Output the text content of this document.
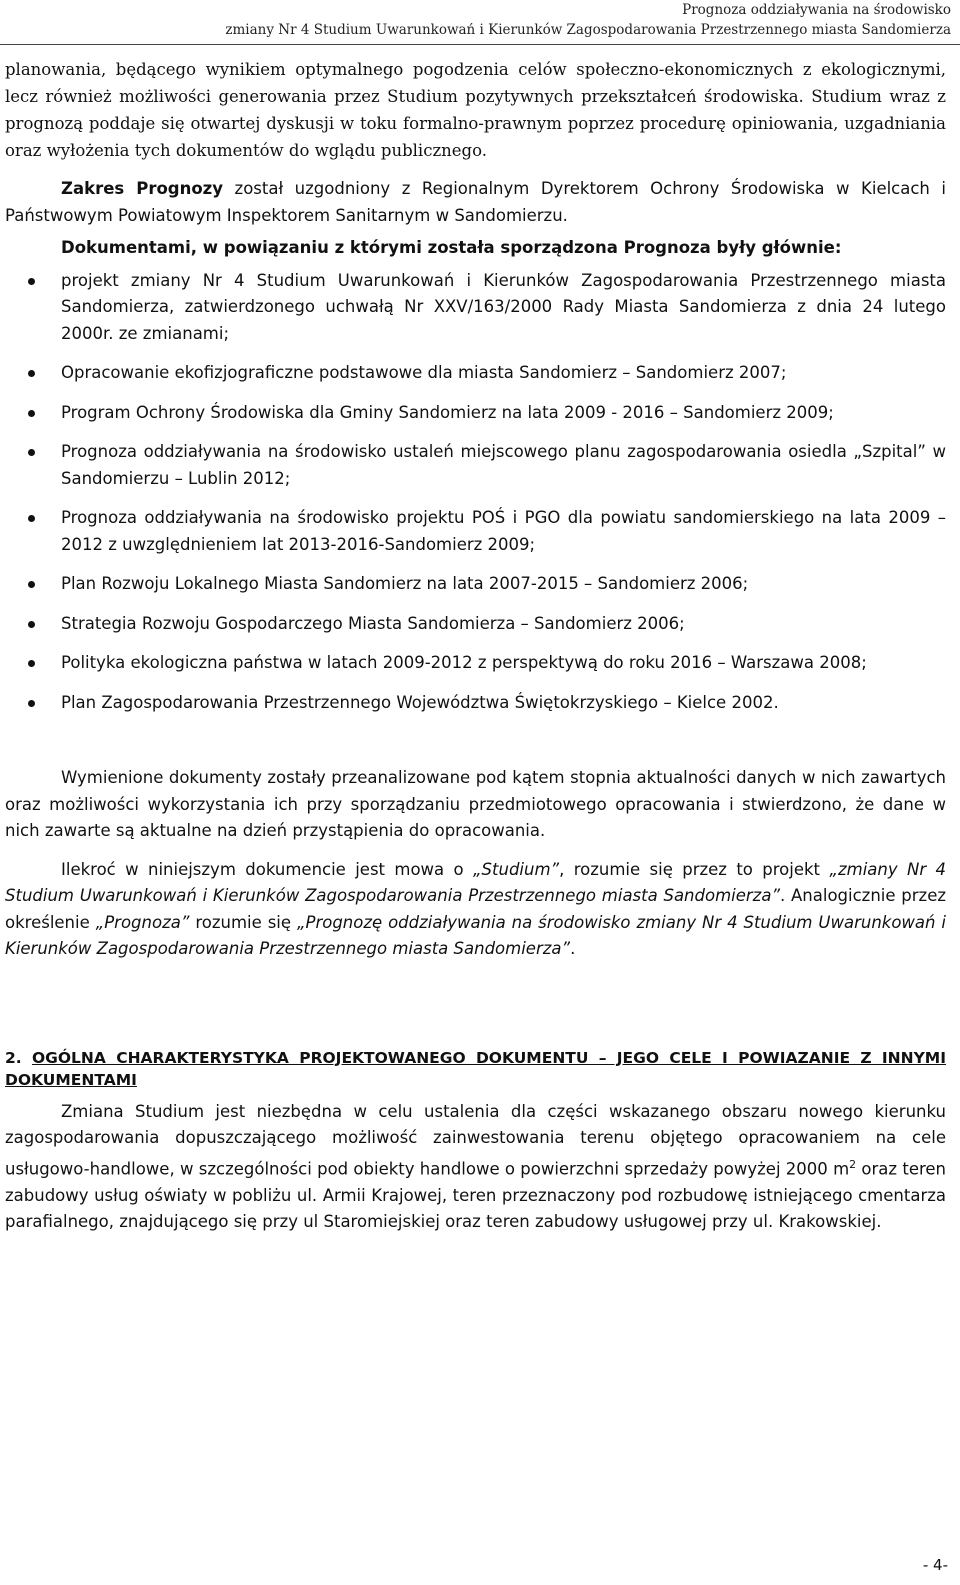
Prognoza oddziaływania na środowisko
zmiany Nr 4 Studium Uwarunkowań i Kierunków Zagospodarowania Przestrzennego miasta Sandomierza

planowania, będącego wynikiem optymalnego pogodzenia celów społeczno-ekonomicznych z ekologicznymi, lecz również możliwości generowania przez Studium pozytywnych przekształceń środowiska. Studium wraz z prognozą poddaje się otwartej dyskusji w toku formalno-prawnym poprzez procedurę opiniowania, uzgadniania oraz wyłożenia tych dokumentów do wglądu publicznego.

Zakres Prognozy został uzgodniony z Regionalnym Dyrektorem Ochrony Środowiska w Kielcach i Państwowym Powiatowym Inspektorem Sanitarnym w Sandomierzu.

Dokumentami, w powiązaniu z którymi została sporządzona Prognoza były głównie:

projekt zmiany Nr 4 Studium Uwarunkowań i Kierunków Zagospodarowania Przestrzennego miasta Sandomierza, zatwierdzonego uchwałą Nr XXV/163/2000 Rady Miasta Sandomierza z dnia 24 lutego 2000r. ze zmianami;
Opracowanie ekofizjograficzne podstawowe dla miasta Sandomierz – Sandomierz 2007;
Program Ochrony Środowiska dla Gminy Sandomierz na lata 2009 - 2016 – Sandomierz 2009;
Prognoza oddziaływania na środowisko ustaleń miejscowego planu zagospodarowania osiedla „Szpital” w Sandomierzu – Lublin 2012;
Prognoza oddziaływania na środowisko projektu POŚ i PGO dla powiatu sandomierskiego na lata 2009 – 2012 z uwzględnieniem lat 2013-2016-Sandomierz 2009;
Plan Rozwoju Lokalnego Miasta Sandomierz na lata 2007-2015 – Sandomierz 2006;
Strategia Rozwoju Gospodarczego Miasta Sandomierza – Sandomierz 2006;
Polityka ekologiczna państwa w latach 2009-2012 z perspektywą do roku 2016 – Warszawa 2008;
Plan Zagospodarowania Przestrzennego Województwa Świętokrzyskiego – Kielce 2002.

Wymienione dokumenty zostały przeanalizowane pod kątem stopnia aktualności danych w nich zawartych oraz możliwości wykorzystania ich przy sporządzaniu przedmiotowego opracowania i stwierdzono, że dane w nich zawarte są aktualne na dzień przystąpienia do opracowania.

Ilekroć w niniejszym dokumencie jest mowa o „Studium”, rozumie się przez to projekt „zmiany Nr 4 Studium Uwarunkowań i Kierunków Zagospodarowania Przestrzennego miasta Sandomierza”. Analogicznie przez określenie „Prognoza” rozumie się „Prognozę oddziaływania na środowisko zmiany Nr 4 Studium Uwarunkowań i Kierunków Zagospodarowania Przestrzennego miasta Sandomierza”.

2. OGÓLNA CHARAKTERYSTYKA PROJEKTOWANEGO DOKUMENTU – JEGO CELE I POWIAZANIE Z INNYMI DOKUMENTAMI

Zmiana Studium jest niezbędna w celu ustalenia dla części wskazanego obszaru nowego kierunku zagospodarowania dopuszczającego możliwość zainwestowania terenu objętego opracowaniem na cele usługowo-handlowe, w szczególności pod obiekty handlowe o powierzchni sprzedaży powyżej 2000 $m^2$ oraz teren zabudowy usług oświaty w pobliżu ul. Armii Krajowej, teren przeznaczony pod rozbudowę istniejącego cmentarza parafialnego, znajdującego się przy ul Staromiejskiej oraz teren zabudowy usługowej przy ul. Krakowskiej.

- 4-
